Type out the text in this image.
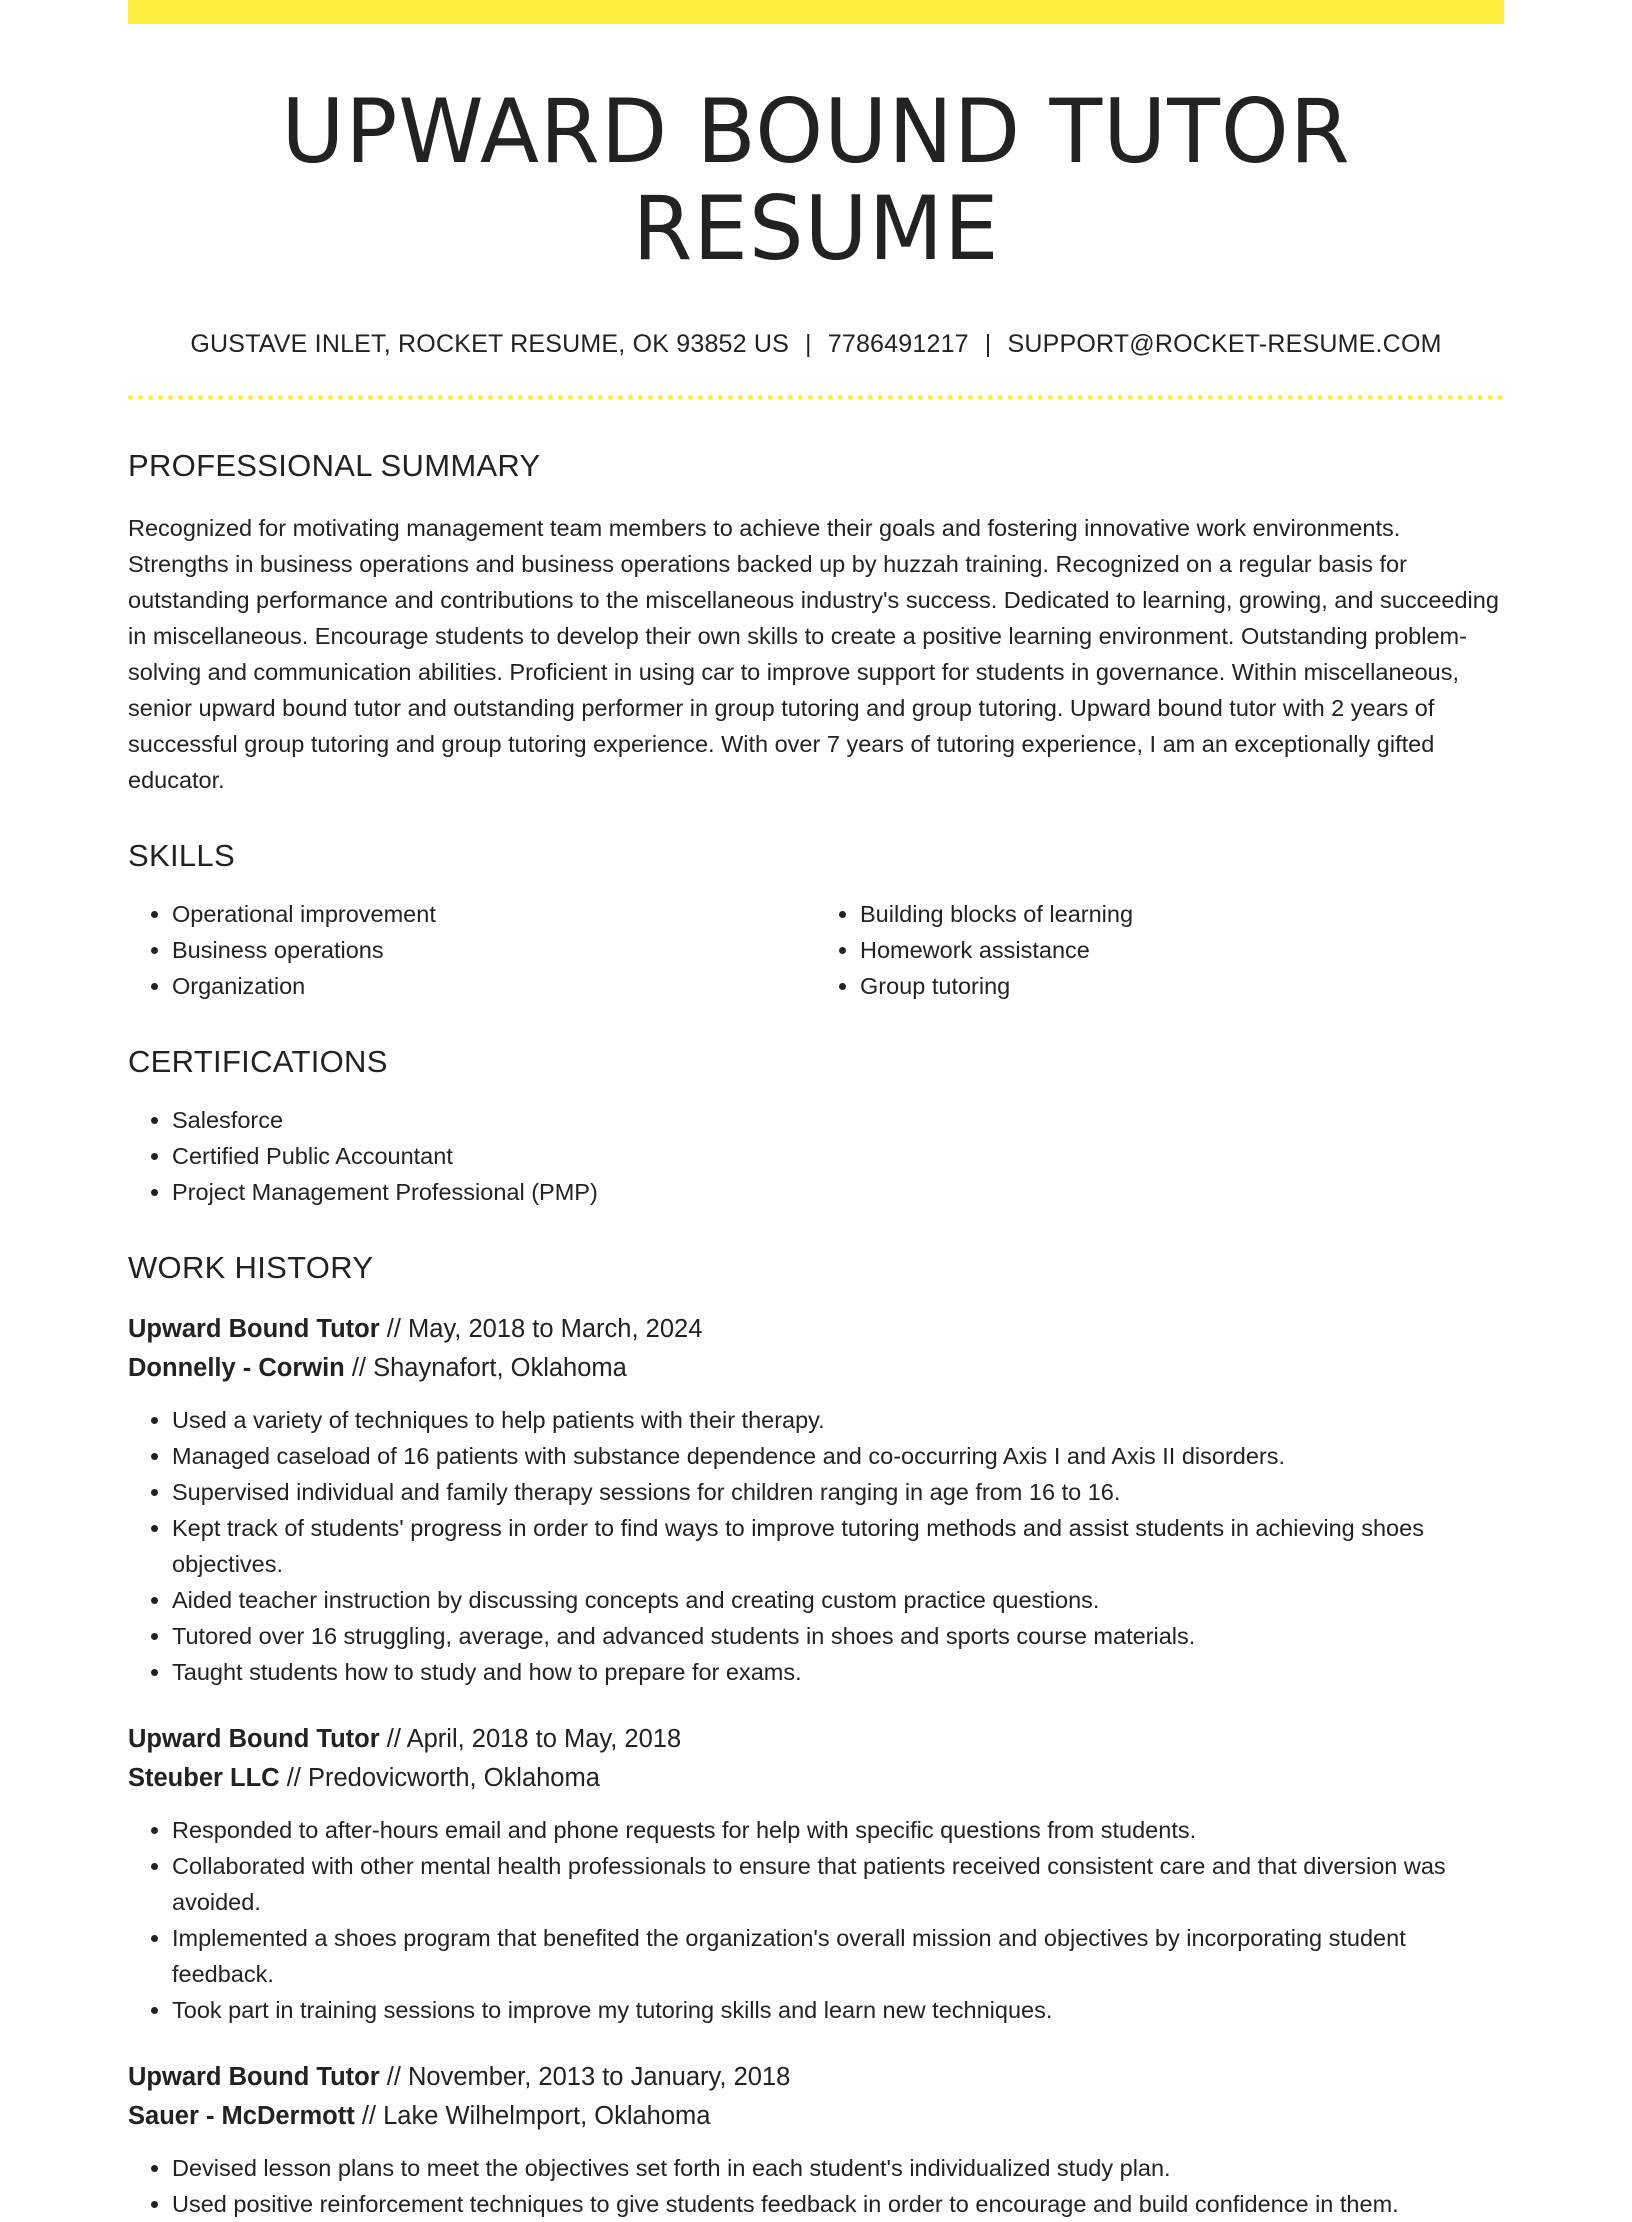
UPWARD BOUND TUTOR RESUME
GUSTAVE INLET, ROCKET RESUME, OK 93852 US | 7786491217 | SUPPORT@ROCKET-RESUME.COM
PROFESSIONAL SUMMARY
Recognized for motivating management team members to achieve their goals and fostering innovative work environments. Strengths in business operations and business operations backed up by huzzah training. Recognized on a regular basis for outstanding performance and contributions to the miscellaneous industry's success. Dedicated to learning, growing, and succeeding in miscellaneous. Encourage students to develop their own skills to create a positive learning environment. Outstanding problem-solving and communication abilities. Proficient in using car to improve support for students in governance. Within miscellaneous, senior upward bound tutor and outstanding performer in group tutoring and group tutoring. Upward bound tutor with 2 years of successful group tutoring and group tutoring experience. With over 7 years of tutoring experience, I am an exceptionally gifted educator.
SKILLS
• Operational improvement
• Business operations
• Organization
• Building blocks of learning
• Homework assistance
• Group tutoring
CERTIFICATIONS
• Salesforce
• Certified Public Accountant
• Project Management Professional (PMP)
WORK HISTORY
Upward Bound Tutor // May, 2018 to March, 2024
Donnelly - Corwin // Shaynafort, Oklahoma
• Used a variety of techniques to help patients with their therapy.
• Managed caseload of 16 patients with substance dependence and co-occurring Axis I and Axis II disorders.
• Supervised individual and family therapy sessions for children ranging in age from 16 to 16.
• Kept track of students' progress in order to find ways to improve tutoring methods and assist students in achieving shoes objectives.
• Aided teacher instruction by discussing concepts and creating custom practice questions.
• Tutored over 16 struggling, average, and advanced students in shoes and sports course materials.
• Taught students how to study and how to prepare for exams.
Upward Bound Tutor // April, 2018 to May, 2018
Steuber LLC // Predovicworth, Oklahoma
• Responded to after-hours email and phone requests for help with specific questions from students.
• Collaborated with other mental health professionals to ensure that patients received consistent care and that diversion was avoided.
• Implemented a shoes program that benefited the organization's overall mission and objectives by incorporating student feedback.
• Took part in training sessions to improve my tutoring skills and learn new techniques.
Upward Bound Tutor // November, 2013 to January, 2018
Sauer - McDermott // Lake Wilhelmport, Oklahoma
• Devised lesson plans to meet the objectives set forth in each student's individualized study plan.
• Used positive reinforcement techniques to give students feedback in order to encourage and build confidence in them.
